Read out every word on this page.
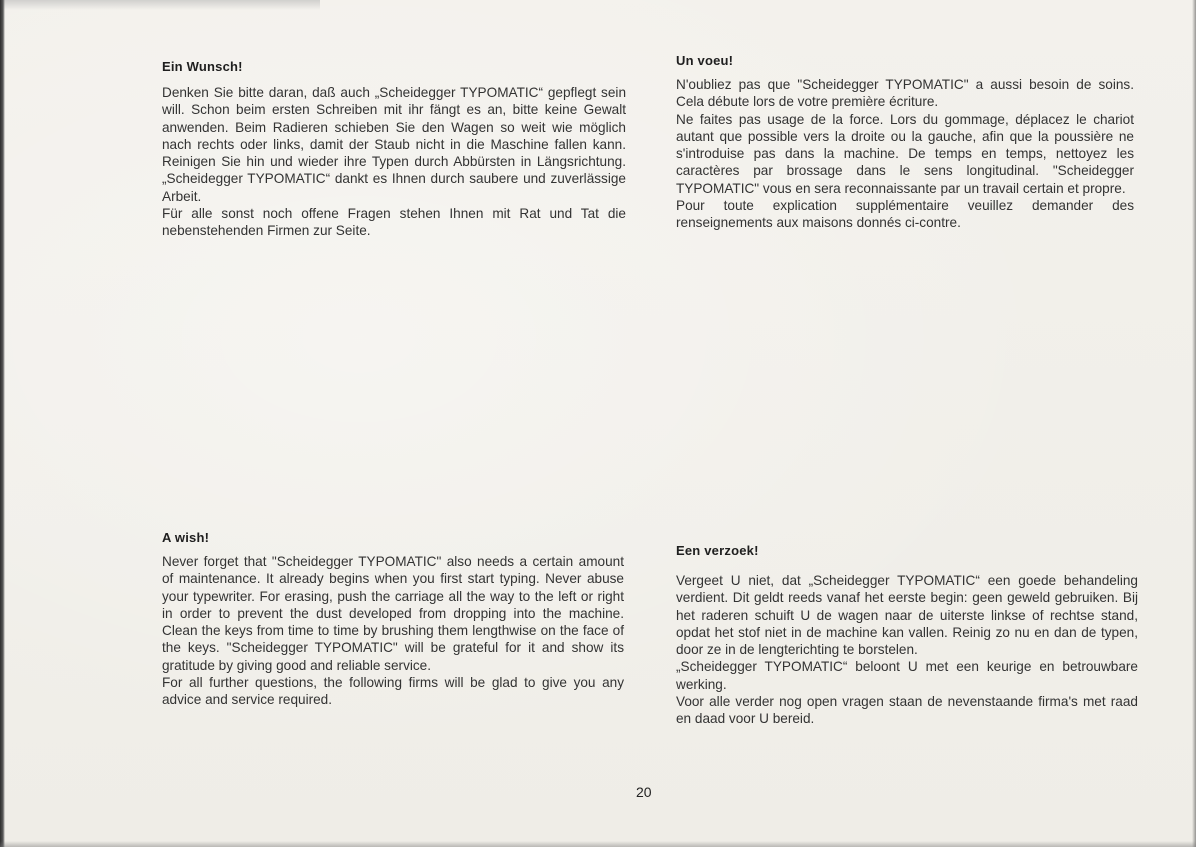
Ein Wunsch!

Denken Sie bitte daran, daß auch „Scheidegger TYPOMATIC“ gepflegt sein will. Schon beim ersten Schreiben mit ihr fängt es an, bitte keine Gewalt anwenden. Beim Radieren schieben Sie den Wagen so weit wie möglich nach rechts oder links, damit der Staub nicht in die Maschine fallen kann. Reinigen Sie hin und wieder ihre Typen durch Abbürsten in Längsrichtung. „Scheidegger TYPOMATIC“ dankt es Ihnen durch saubere und zuverlässige Arbeit.

Für alle sonst noch offene Fragen stehen Ihnen mit Rat und Tat die nebenstehenden Firmen zur Seite.

Un voeu!

N'oubliez pas que "Scheidegger TYPOMATIC" a aussi besoin de soins. Cela débute lors de votre première écriture.

Ne faites pas usage de la force. Lors du gommage, déplacez le chariot autant que possible vers la droite ou la gauche, afin que la poussière ne s'introduise pas dans la machine. De temps en temps, nettoyez les caractères par brossage dans le sens longitudinal. "Scheidegger TYPOMATIC" vous en sera reconnaissante par un travail certain et propre.

Pour toute explication supplémentaire veuillez demander des renseignements aux maisons donnés ci-contre.

A wish!

Never forget that "Scheidegger TYPOMATIC" also needs a certain amount of maintenance. It already begins when you first start typing. Never abuse your typewriter. For erasing, push the carriage all the way to the left or right in order to prevent the dust developed from dropping into the machine. Clean the keys from time to time by brushing them lengthwise on the face of the keys. "Scheidegger TYPOMATIC" will be grateful for it and show its gratitude by giving good and reliable service.

For all further questions, the following firms will be glad to give you any advice and service required.

Een verzoek!

Vergeet U niet, dat „Scheidegger TYPOMATIC“ een goede behandeling verdient. Dit geldt reeds vanaf het eerste begin: geen geweld gebruiken. Bij het raderen schuift U de wagen naar de uiterste linkse of rechtse stand, opdat het stof niet in de machine kan vallen. Reinig zo nu en dan de typen, door ze in de lengterichting te borstelen.

„Scheidegger TYPOMATIC“ beloont U met een keurige en betrouwbare werking.

Voor alle verder nog open vragen staan de nevenstaande firma's met raad en daad voor U bereid.

20
